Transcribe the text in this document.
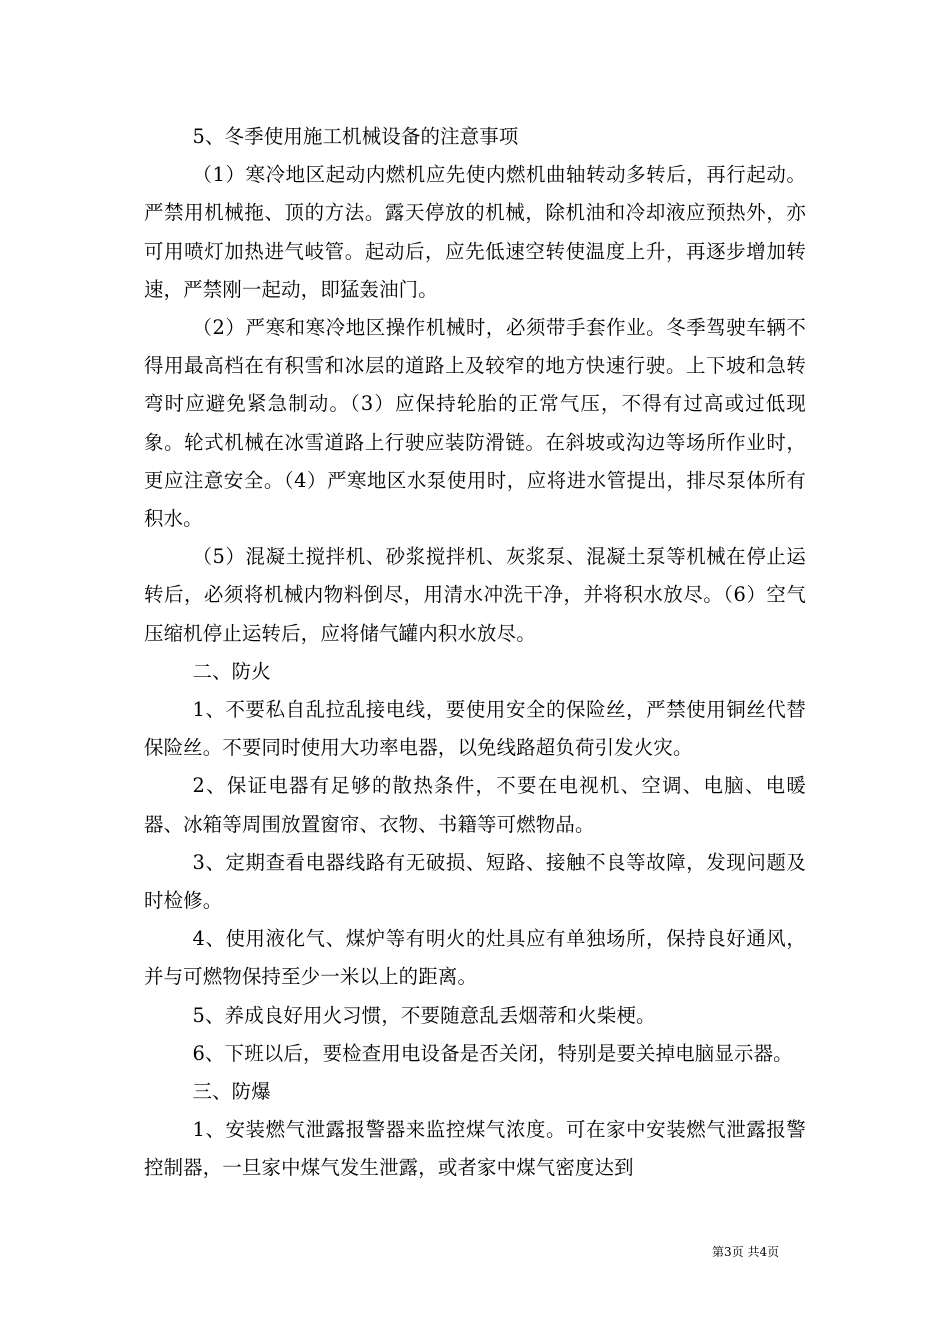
5、冬季使用施工机械设备的注意事项

（1）寒冷地区起动内燃机应先使内燃机曲轴转动多转后，再行起动。严禁用机械拖、顶的方法。露天停放的机械，除机油和冷却液应预热外，亦可用喷灯加热进气岐管。起动后，应先低速空转使温度上升，再逐步增加转速，严禁刚一起动，即猛轰油门。

（2）严寒和寒冷地区操作机械时，必须带手套作业。冬季驾驶车辆不得用最高档在有积雪和冰层的道路上及较窄的地方快速行驶。上下坡和急转弯时应避免紧急制动。（3）应保持轮胎的正常气压，不得有过高或过低现象。轮式机械在冰雪道路上行驶应装防滑链。在斜坡或沟边等场所作业时，更应注意安全。（4）严寒地区水泵使用时，应将进水管提出，排尽泵体所有积水。

（5）混凝土搅拌机、砂浆搅拌机、灰浆泵、混凝土泵等机械在停止运转后，必须将机械内物料倒尽，用清水冲洗干净，并将积水放尽。（6）空气压缩机停止运转后，应将储气罐内积水放尽。

二、防火

1、不要私自乱拉乱接电线，要使用安全的保险丝，严禁使用铜丝代替保险丝。不要同时使用大功率电器，以免线路超负荷引发火灾。

2、保证电器有足够的散热条件，不要在电视机、空调、电脑、电暖器、冰箱等周围放置窗帘、衣物、书籍等可燃物品。

3、定期查看电器线路有无破损、短路、接触不良等故障，发现问题及时检修。

4、使用液化气、煤炉等有明火的灶具应有单独场所，保持良好通风，并与可燃物保持至少一米以上的距离。

5、养成良好用火习惯，不要随意乱丢烟蒂和火柴梗。

6、下班以后，要检查用电设备是否关闭，特别是要关掉电脑显示器。

三、防爆

1、安装燃气泄露报警器来监控煤气浓度。可在家中安装燃气泄露报警控制器，一旦家中煤气发生泄露，或者家中煤气密度达到

第3页 共4页
